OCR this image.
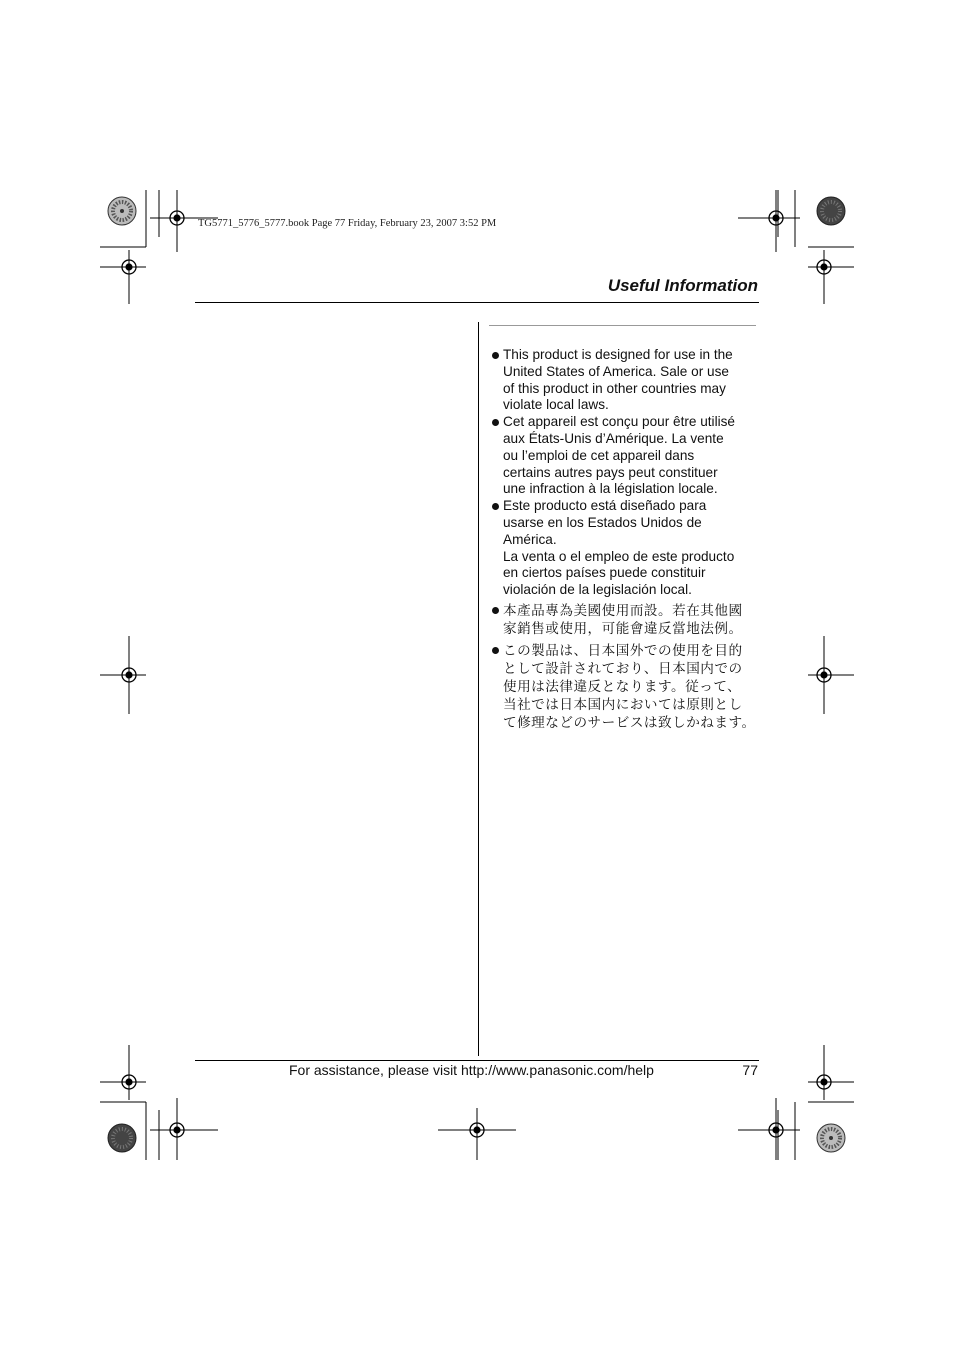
TG5771_5776_5777.book Page 77 Friday, February 23, 2007 3:52 PM
Useful Information

This product is designed for use in the
United States of America. Sale or use
of this product in other countries may
violate local laws.

Cet appareil est conçu pour être utilisé
aux États-Unis d’Amérique. La vente
ou l’emploi de cet appareil dans
certains autres pays peut constituer
une infraction à la législation locale.

Este producto está diseñado para
usarse en los Estados Unidos de
América.
La venta o el empleo de este producto
en ciertos países puede constituir
violación de la legislación local.

本產品專為美國使用而設。若在其他國
家銷售或使用，可能會違反當地法例。

この製品は、日本国外での使用を目的
として設計されており、日本国内での
使用は法律違反となります。従って、
当社では日本国内においては原則とし
て修理などのサービスは致しかねます。

For assistance, please visit http://www.panasonic.com/help	77
